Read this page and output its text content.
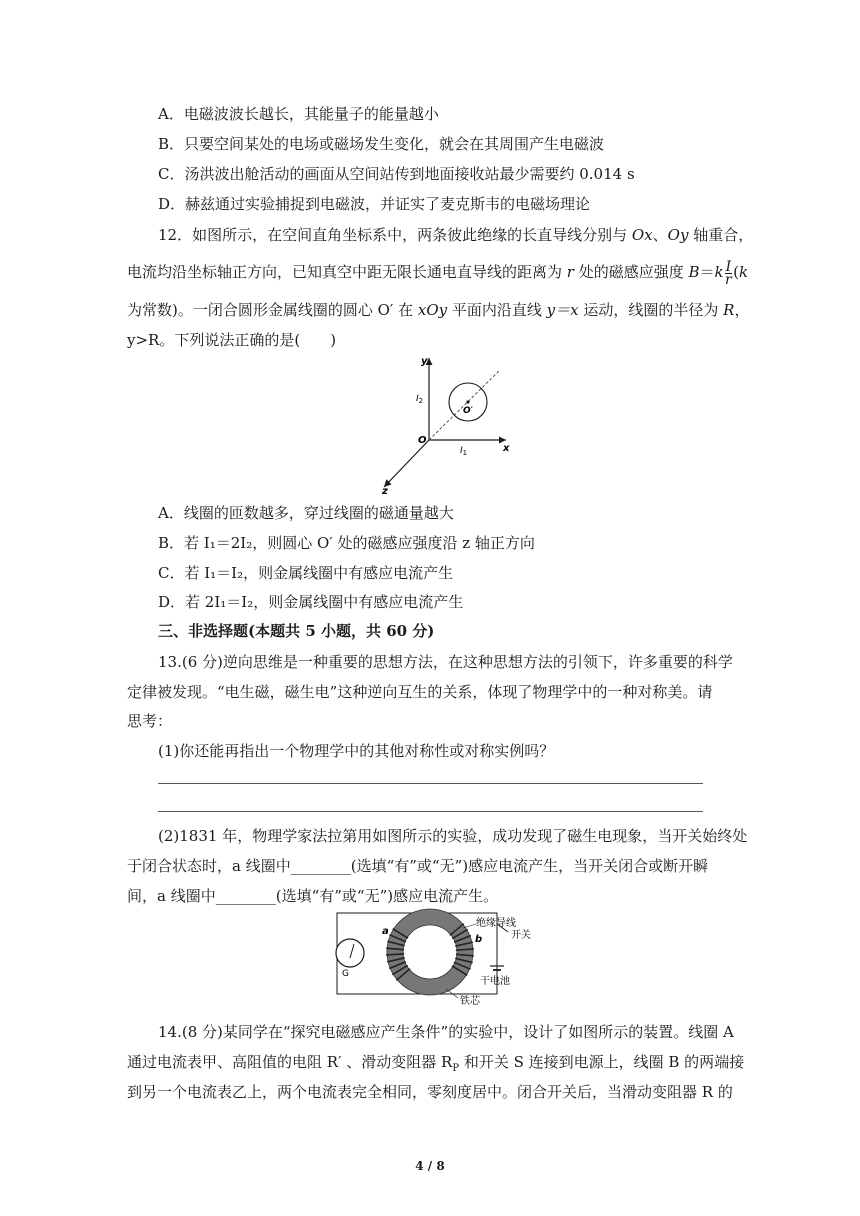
A．电磁波波长越长，其能量子的能量越小
B．只要空间某处的电场或磁场发生变化，就会在其周围产生电磁波
C．汤洪波出舱活动的画面从空间站传到地面接收站最少需要约 0.014 s
D．赫兹通过实验捕捉到电磁波，并证实了麦克斯韦的电磁场理论
12．如图所示，在空间直角坐标系中，两条彼此绝缘的长直导线分别与 Ox、Oy 轴重合，
电流均沿坐标轴正方向，已知真空中距无限长通电直导线的距离为 r 处的磁感应强度 $B=k \frac{I}{r} (k$
为常数)。一闭合圆形金属线圈的圆心 O′ 在 xOy 平面内沿直线 y＝x 运动，线圈的半径为 R，
y>R。下列说法正确的是(　　)
y
x
z
O
O′
$I_2$
$I_1$
A．线圈的匝数越多，穿过线圈的磁通量越大
B．若 I₁＝2I₂，则圆心 O′ 处的磁感应强度沿 z 轴正方向
C．若 I₁＝I₂，则金属线圈中有感应电流产生
D．若 2I₁＝I₂，则金属线圈中有感应电流产生
三、非选择题(本题共 5 小题，共 60 分)
13.(6 分)逆向思维是一种重要的思想方法，在这种思想方法的引领下，许多重要的科学
定律被发现。“电生磁，磁生电”这种逆向互生的关系，体现了物理学中的一种对称美。请
思考：
(1)你还能再指出一个物理学中的其他对称性或对称实例吗？
(2)1831 年，物理学家法拉第用如图所示的实验，成功发现了磁生电现象，当开关始终处
于闭合状态时，a 线圈中________(选填“有”或“无”)感应电流产生，当开关闭合或断开瞬
间，a 线圈中________(选填“有”或“无”)感应电流产生。
G
a
b
绝缘导线
开关
干电池
铁芯
14.(8 分)某同学在“探究电磁感应产生条件”的实验中，设计了如图所示的装置。线圈 A
通过电流表甲、高阻值的电阻 R′ 、滑动变阻器 $R_P$ 和开关 S 连接到电源上，线圈 B 的两端接
到另一个电流表乙上，两个电流表完全相同，零刻度居中。闭合开关后，当滑动变阻器 R 的
4 / 8
